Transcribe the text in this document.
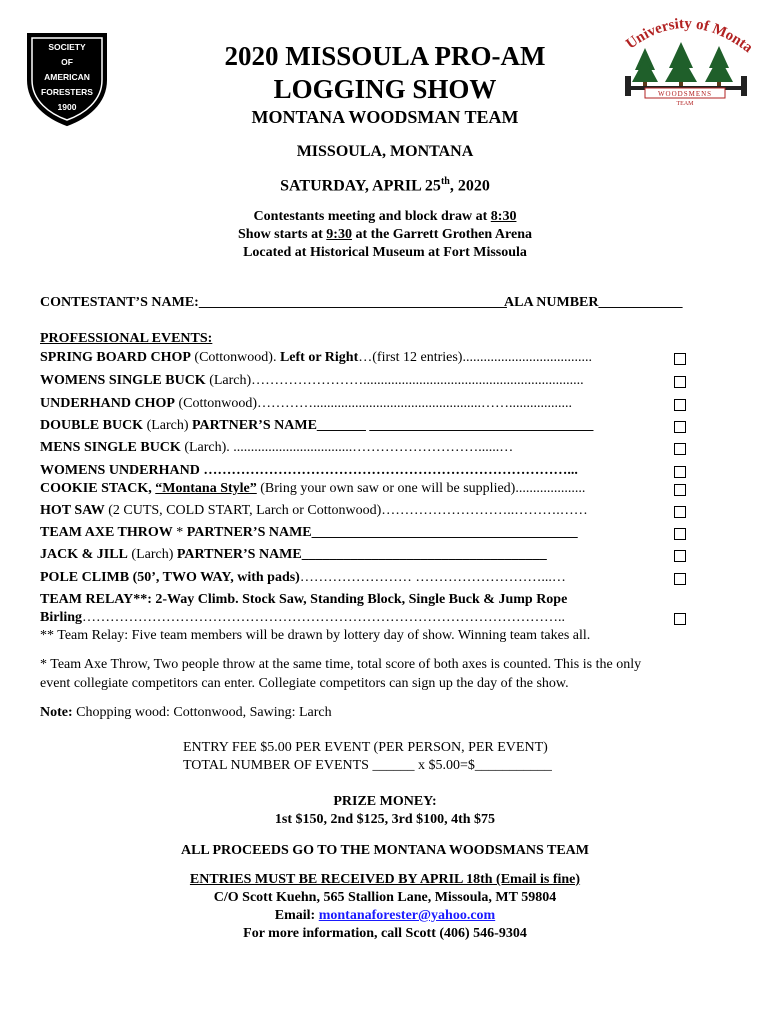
SOCIETY
OF
AMERICAN
FORESTERS
1900
University of Monta
WOODSMENS
TEAM
2020 MISSOULA PRO-AM
LOGGING SHOW
MONTANA WOODSMAN TEAM
MISSOULA, MONTANA
SATURDAY, APRIL 25th, 2020
Contestants meeting and block draw at 8:30
Show starts at 9:30 at the Garrett Grothen Arena
Located at Historical Museum at Fort Missoula
CONTESTANT’S NAME:____________________________________________
ALA NUMBER____________
PROFESSIONAL EVENTS:
SPRING BOARD CHOP (Cottonwood). Left or Right…(first 12 entries).....................................
WOMENS SINGLE BUCK (Larch)……………………...............................................................
UNDERHAND CHOP (Cottonwood)…………................................................……..................
DOUBLE BUCK (Larch) PARTNER’S NAME_______ ________________________________
MENS SINGLE BUCK (Larch). ..................................………………………......…
WOMENS UNDERHAND ……………………………………………………………………...
COOKIE STACK, “Montana Style” (Bring your own saw or one will be supplied)....................
HOT SAW (2 CUTS, COLD START, Larch or Cottonwood)………………………..……….……
TEAM AXE THROW * PARTNER’S NAME______________________________________
JACK & JILL (Larch) PARTNER’S NAME___________________________________
POLE CLIMB (50’, TWO WAY, with pads)…………………… ………………………...…
TEAM RELAY**: 2-Way Climb. Stock Saw, Standing Block, Single Buck & Jump Rope
Birling…………………………………………………………………………………………..
** Team Relay: Five team members will be drawn by lottery day of show. Winning team takes all.
* Team Axe Throw, Two people throw at the same time, total score of both axes is counted. This is the only
event collegiate competitors can enter. Collegiate competitors can sign up the day of the show.
Note: Chopping wood: Cottonwood, Sawing: Larch
ENTRY FEE $5.00 PER EVENT (PER PERSON, PER EVENT)
TOTAL NUMBER OF EVENTS ______ x $5.00=$___________
PRIZE MONEY:
1st $150, 2nd $125, 3rd $100, 4th $75
ALL PROCEEDS GO TO THE MONTANA WOODSMANS TEAM
ENTRIES MUST BE RECEIVED BY APRIL 18th (Email is fine)
C/O Scott Kuehn, 565 Stallion Lane, Missoula, MT 59804
Email: montanaforester@yahoo.com
For more information, call Scott (406) 546-9304
